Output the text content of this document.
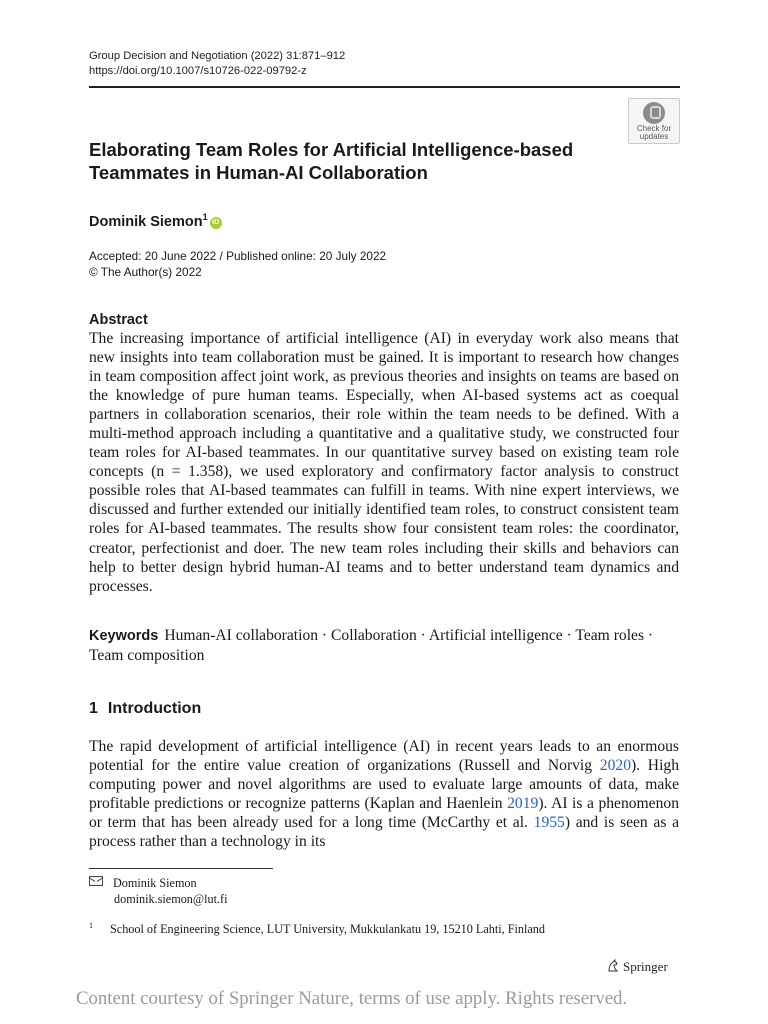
Group Decision and Negotiation (2022) 31:871–912
https://doi.org/10.1007/s10726-022-09792-z
Check for
updates
Elaborating Team Roles for Artificial Intelligence-based Teammates in Human-AI Collaboration
Dominik Siemon$^1$iD
Accepted: 20 June 2022 / Published online: 20 July 2022
© The Author(s) 2022
Abstract
The increasing importance of artificial intelligence (AI) in everyday work also means that new insights into team collaboration must be gained. It is important to research how changes in team composition affect joint work, as previous theories and insights on teams are based on the knowledge of pure human teams. Especially, when AI-based systems act as coequal partners in collaboration scenarios, their role within the team needs to be defined. With a multi-method approach including a quantitative and a qualitative study, we constructed four team roles for AI-based teammates. In our quantitative survey based on existing team role concepts (n = 1.358), we used exploratory and confirmatory factor analysis to construct possible roles that AI-based teammates can fulfill in teams. With nine expert interviews, we discussed and further extended our initially identified team roles, to construct consistent team roles for AI-based teammates. The results show four consistent team roles: the coordinator, creator, perfectionist and doer. The new team roles including their skills and behaviors can help to better design hybrid human-AI teams and to better understand team dynamics and processes.
Keywords Human-AI collaboration · Collaboration · Artificial intelligence · Team roles · Team composition
1 Introduction
The rapid development of artificial intelligence (AI) in recent years leads to an enormous potential for the entire value creation of organizations (Russell and Norvig 2020). High computing power and novel algorithms are used to evaluate large amounts of data, make profitable predictions or recognize patterns (Kaplan and Haenlein 2019). AI is a phenomenon or term that has been already used for a long time (McCarthy et al. 1955) and is seen as a process rather than a technology in its
Dominik Siemon
dominik.siemon@lut.fi
$^1$ School of Engineering Science, LUT University, Mukkulankatu 19, 15210 Lahti, Finland
Springer
Content courtesy of Springer Nature, terms of use apply. Rights reserved.
